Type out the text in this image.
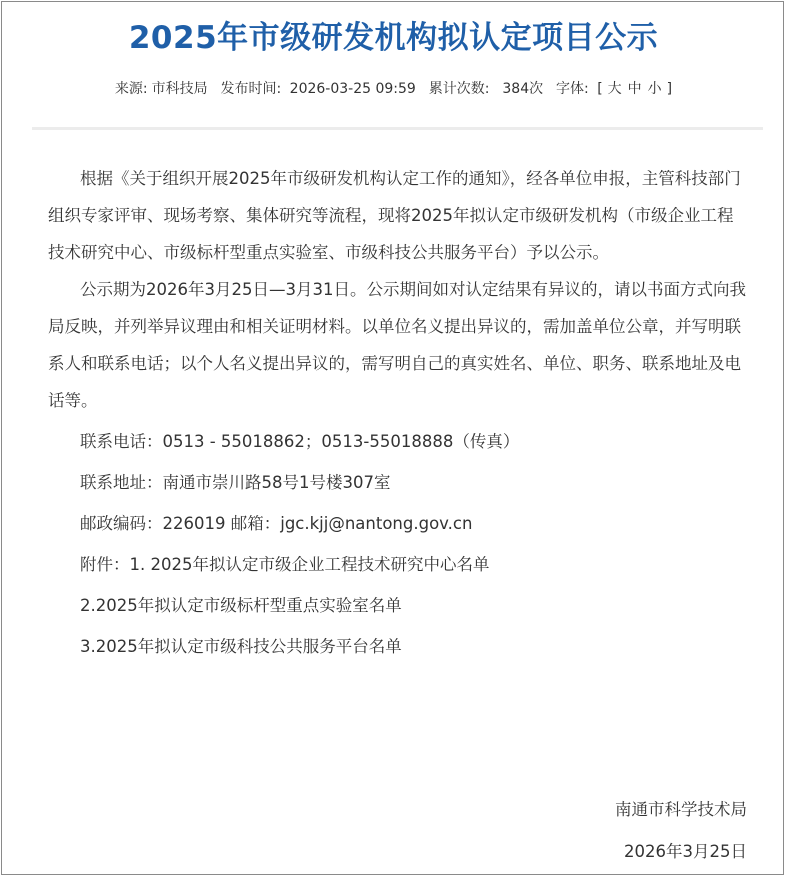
2025年市级研发机构拟认定项目公示
来源: 市科技局 发布时间: 2026-03-25 09:59 累计次数: 384次 字体: [ 大 中 小 ]

根据《关于组织开展2025年市级研发机构认定工作的通知》，经各单位申报，主管科技部门组织专家评审、现场考察、集体研究等流程，现将2025年拟认定市级研发机构（市级企业工程技术研究中心、市级标杆型重点实验室、市级科技公共服务平台）予以公示。

公示期为2026年3月25日—3月31日。公示期间如对认定结果有异议的，请以书面方式向我局反映，并列举异议理由和相关证明材料。以单位名义提出异议的，需加盖单位公章，并写明联系人和联系电话；以个人名义提出异议的，需写明自己的真实姓名、单位、职务、联系地址及电话等。

联系电话：0513 - 55018862；0513-55018888（传真）

联系地址：南通市崇川路58号1号楼307室

邮政编码：226019 邮箱：jgc.kjj@nantong.gov.cn

附件：1. 2025年拟认定市级企业工程技术研究中心名单

2.2025年拟认定市级标杆型重点实验室名单

3.2025年拟认定市级科技公共服务平台名单

南通市科学技术局
2026年3月25日
